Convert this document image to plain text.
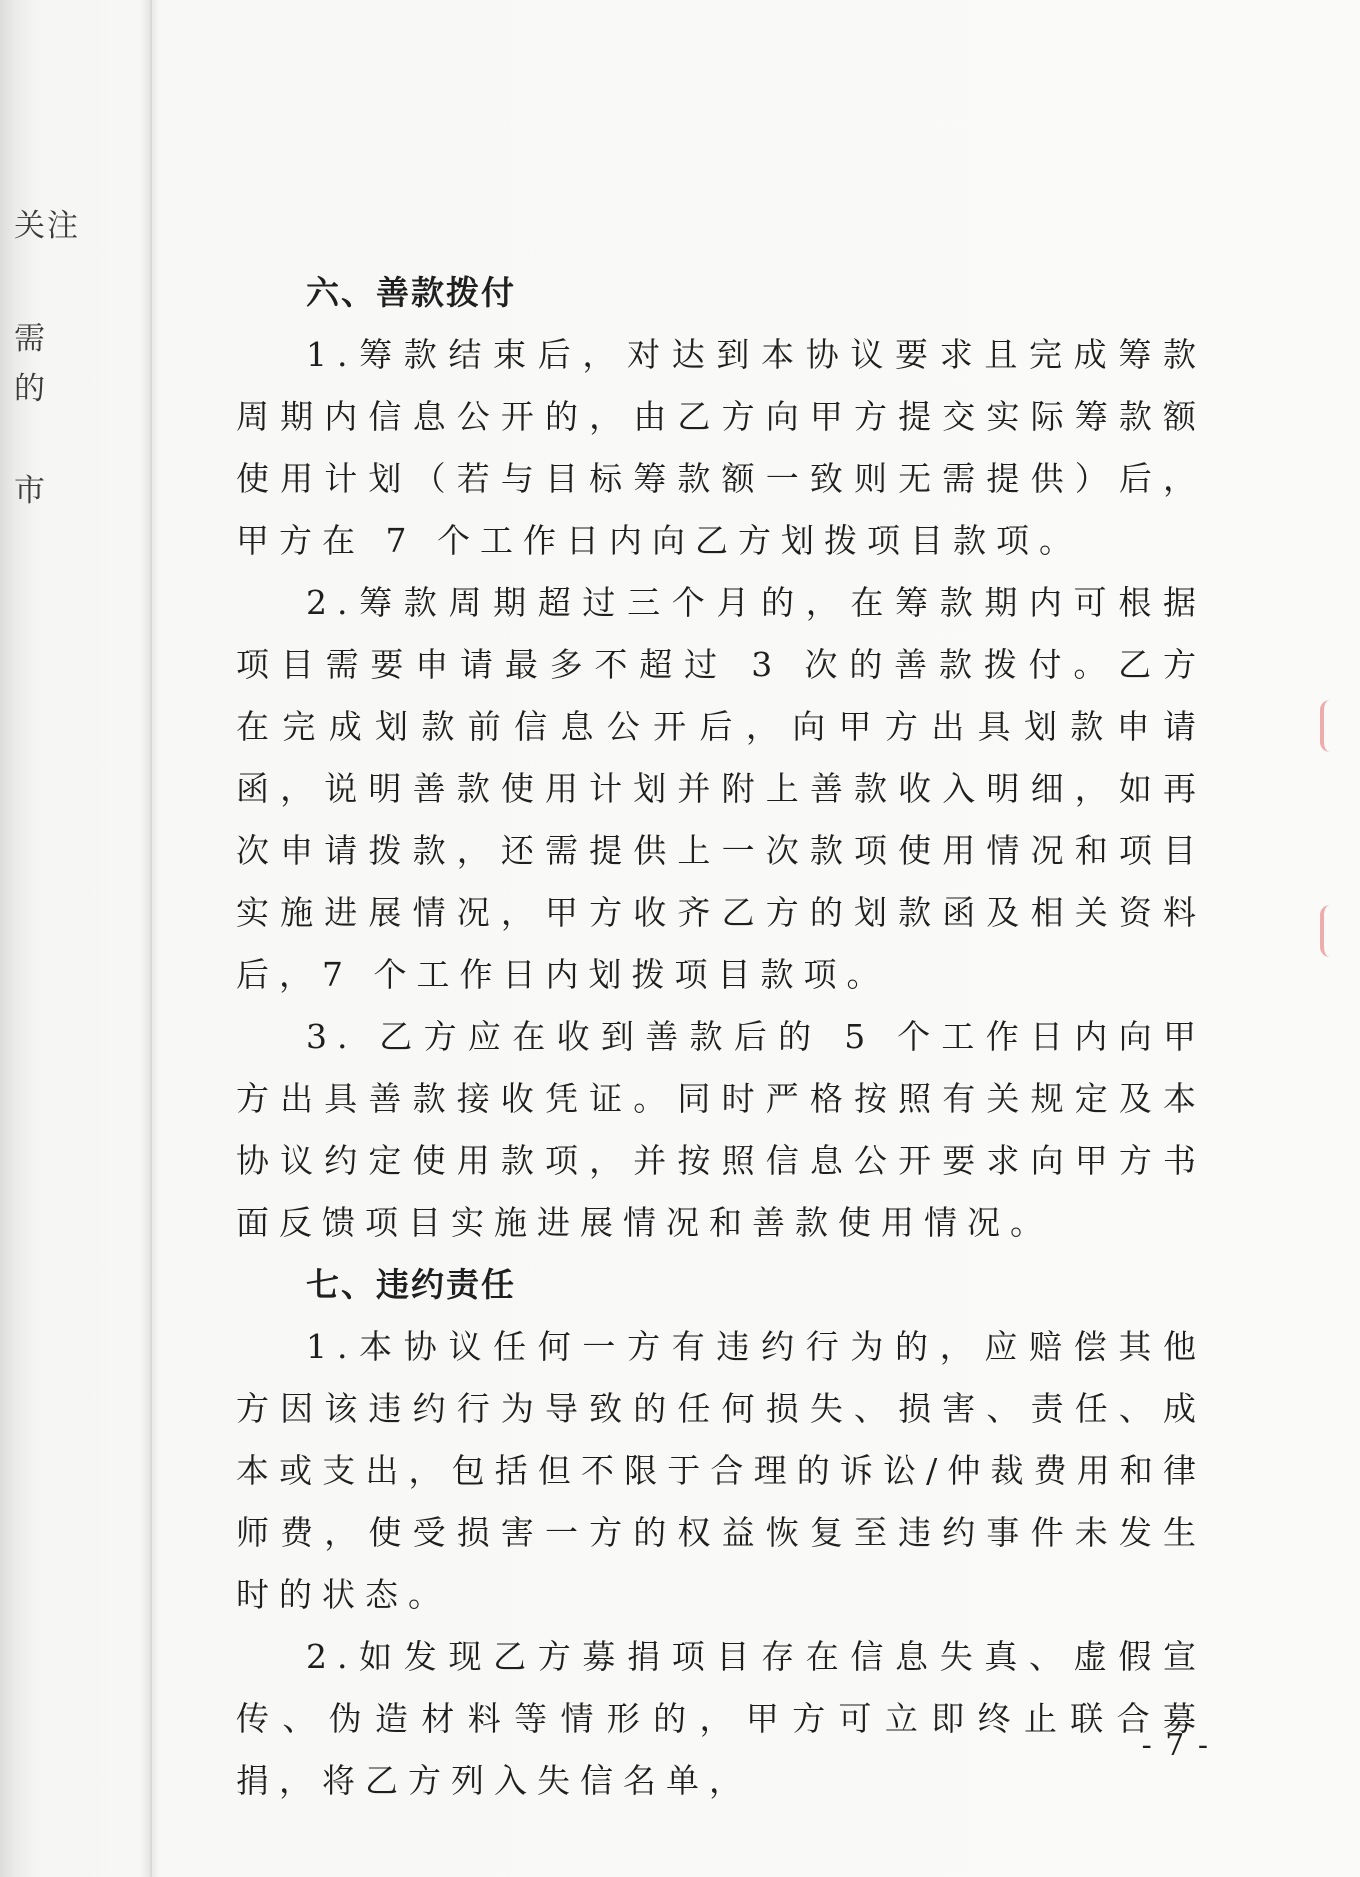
关注
需
的
市
六、善款拨付

1.筹款结束后，对达到本协议要求且完成筹款周期内信息公开的，由乙方向甲方提交实际筹款额使用计划（若与目标筹款额一致则无需提供）后，甲方在 7 个工作日内向乙方划拨项目款项。

2.筹款周期超过三个月的，在筹款期内可根据项目需要申请最多不超过 3 次的善款拨付。乙方在完成划款前信息公开后，向甲方出具划款申请函，说明善款使用计划并附上善款收入明细，如再次申请拨款，还需提供上一次款项使用情况和项目实施进展情况，甲方收齐乙方的划款函及相关资料后，7 个工作日内划拨项目款项。

3. 乙方应在收到善款后的 5 个工作日内向甲方出具善款接收凭证。同时严格按照有关规定及本协议约定使用款项，并按照信息公开要求向甲方书面反馈项目实施进展情况和善款使用情况。

七、违约责任

1.本协议任何一方有违约行为的，应赔偿其他方因该违约行为导致的任何损失、损害、责任、成本或支出，包括但不限于合理的诉讼/仲裁费用和律师费，使受损害一方的权益恢复至违约事件未发生时的状态。

2.如发现乙方募捐项目存在信息失真、虚假宣传、伪造材料等情形的，甲方可立即终止联合募捐，将乙方列入失信名单，

- 7 -
